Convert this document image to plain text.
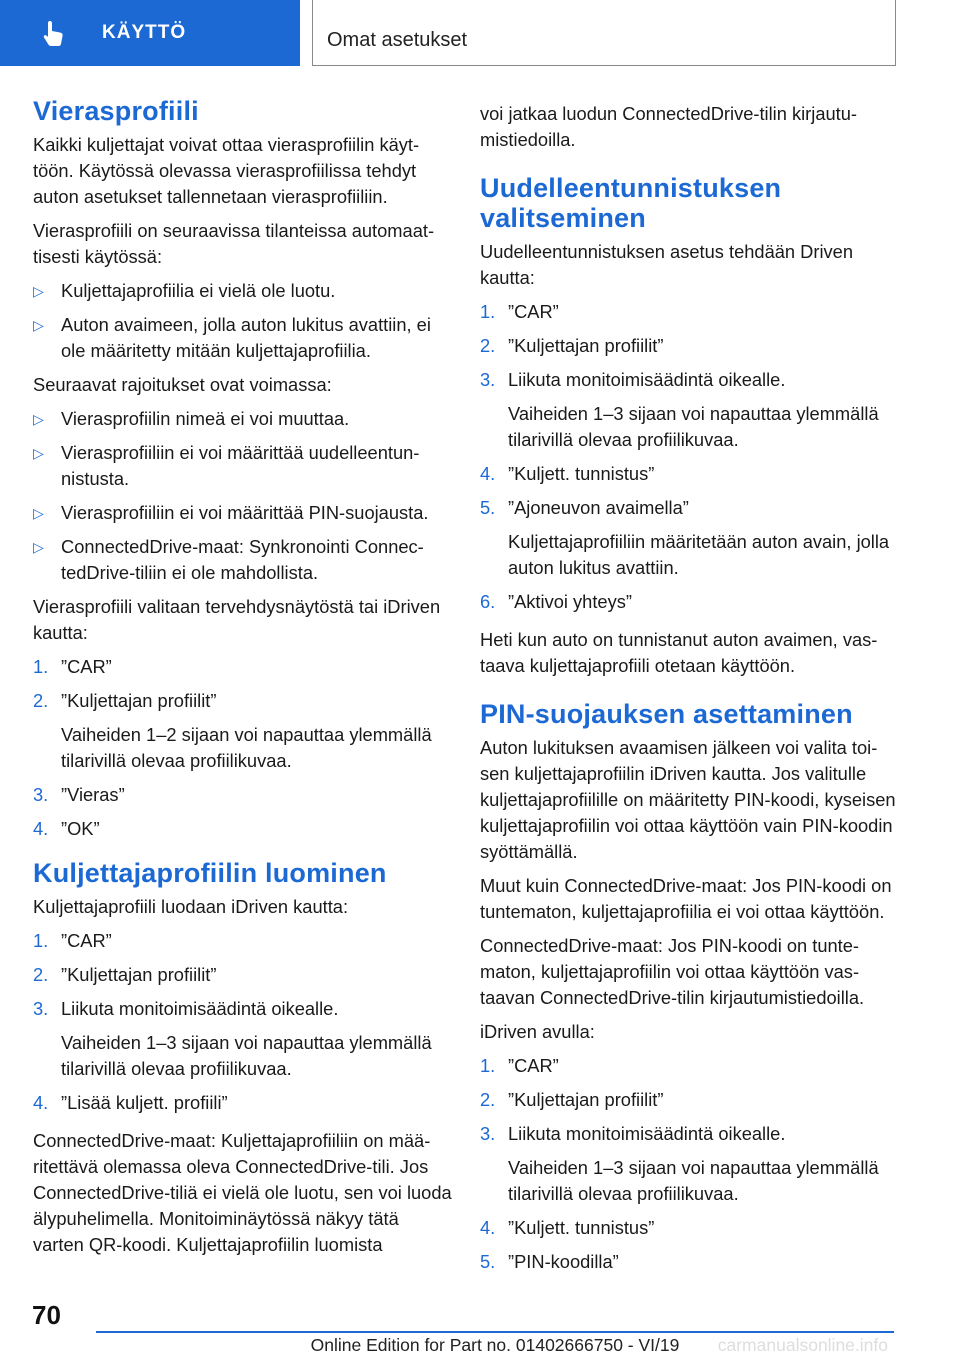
KÄYTTÖ	Omat asetukset
Vierasprofiili

Kaikki kuljettajat voivat ottaa vierasprofiilin käyttöön. Käytössä olevassa vierasprofiilissa tehdyt auton asetukset tallennetaan vierasprofiiliin.

Vierasprofiili on seuraavissa tilanteissa automaattisesti käytössä:

▷ Kuljettajaprofiilia ei vielä ole luotu.
▷ Auton avaimeen, jolla auton lukitus avattiin, ei ole määritetty mitään kuljettajaprofiilia.

Seuraavat rajoitukset ovat voimassa:

▷ Vierasprofiilin nimeä ei voi muuttaa.
▷ Vierasprofiiliin ei voi määrittää uudelleentunnistusta.
▷ Vierasprofiiliin ei voi määrittää PIN-suojausta.
▷ ConnectedDrive-maat: Synkronointi ConnectedDrive-tiliin ei ole mahdollista.

Vierasprofiili valitaan tervehdysnäytöstä tai iDriven kautta:

1. ”CAR”
2. ”Kuljettajan profiilit”
Vaiheiden 1–2 sijaan voi napauttaa ylemmällä tilarivillä olevaa profiilikuvaa.
3. ”Vieras”
4. ”OK”
Kuljettajaprofiilin luominen

Kuljettajaprofiili luodaan iDriven kautta:

1. ”CAR”
2. ”Kuljettajan profiilit”
3. Liikuta monitoimisäädintä oikealle.
Vaiheiden 1–3 sijaan voi napauttaa ylemmällä tilarivillä olevaa profiilikuvaa.
4. ”Lisää kuljett. profiili”

ConnectedDrive-maat: Kuljettajaprofiiliin on määritettävä olemassa oleva ConnectedDrive-tili. Jos ConnectedDrive-tiliä ei vielä ole luotu, sen voi luoda älypuhelimella. Monitoiminäytössä näkyy tätä varten QR-koodi. Kuljettajaprofiilin luomista

voi jatkaa luodun ConnectedDrive-tilin kirjautumistiedoilla.

Uudelleentunnistuksen valitseminen

Uudelleentunnistuksen asetus tehdään Driven kautta:

1. ”CAR”
2. ”Kuljettajan profiilit”
3. Liikuta monitoimisäädintä oikealle.
Vaiheiden 1–3 sijaan voi napauttaa ylemmällä tilarivillä olevaa profiilikuvaa.
4. ”Kuljett. tunnistus”
5. ”Ajoneuvon avaimella”
Kuljettajaprofiiliin määritetään auton avain, jolla auton lukitus avattiin.
6. ”Aktivoi yhteys”

Heti kun auto on tunnistanut auton avaimen, vastaava kuljettajaprofiili otetaan käyttöön.

PIN-suojauksen asettaminen

Auton lukituksen avaamisen jälkeen voi valita toisen kuljettajaprofiilin iDriven kautta. Jos valitulle kuljettajaprofiilille on määritetty PIN-koodi, kyseisen kuljettajaprofiilin voi ottaa käyttöön vain PIN-koodin syöttämällä.

Muut kuin ConnectedDrive-maat: Jos PIN-koodi on tuntematon, kuljettajaprofiilia ei voi ottaa käyttöön.

ConnectedDrive-maat: Jos PIN-koodi on tuntematon, kuljettajaprofiilin voi ottaa käyttöön vastaavan ConnectedDrive-tilin kirjautumistiedoilla.

iDriven avulla:

1. ”CAR”
2. ”Kuljettajan profiilit”
3. Liikuta monitoimisäädintä oikealle.
Vaiheiden 1–3 sijaan voi napauttaa ylemmällä tilarivillä olevaa profiilikuvaa.
4. ”Kuljett. tunnistus”
5. ”PIN-koodilla”
70
Online Edition for Part no. 01402666750 - VI/19	carmanualsonline.info
